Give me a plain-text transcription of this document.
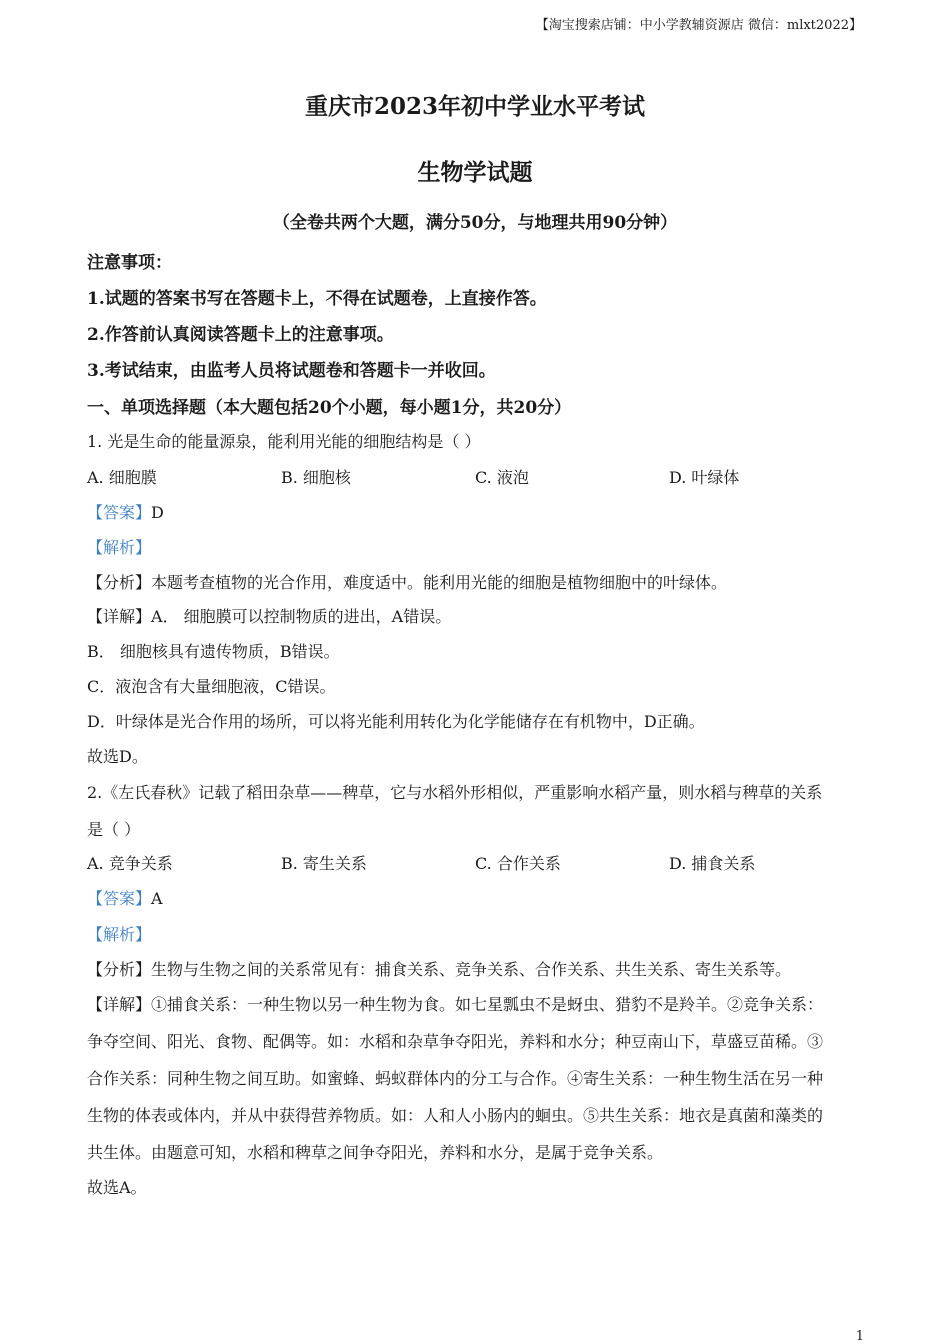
【淘宝搜索店铺：中小学教辅资源店 微信：mlxt2022】
重庆市2023年初中学业水平考试
生物学试题
（全卷共两个大题，满分50分，与地理共用90分钟）
注意事项：
1.试题的答案书写在答题卡上，不得在试题卷，上直接作答。
2.作答前认真阅读答题卡上的注意事项。
3.考试结束，由监考人员将试题卷和答题卡一并收回。
一、单项选择题（本大题包括20个小题，每小题1分，共20分）
1. 光是生命的能量源泉，能利用光能的细胞结构是（ ）
A. 细胞膜	B. 细胞核	C. 液泡	D. 叶绿体
【答案】D
【解析】
【分析】本题考查植物的光合作用，难度适中。能利用光能的细胞是植物细胞中的叶绿体。
【详解】A． 细胞膜可以控制物质的进出，A错误。
B． 细胞核具有遗传物质，B错误。
C．液泡含有大量细胞液，C错误。
D．叶绿体是光合作用的场所，可以将光能利用转化为化学能储存在有机物中，D正确。
故选D。
2.《左氏春秋》记载了稻田杂草——稗草，它与水稻外形相似，严重影响水稻产量，则水稻与稗草的关系
是（ ）
A. 竞争关系	B. 寄生关系	C. 合作关系	D. 捕食关系
【答案】A
【解析】
【分析】生物与生物之间的关系常见有：捕食关系、竞争关系、合作关系、共生关系、寄生关系等。
【详解】①捕食关系：一种生物以另一种生物为食。如七星瓢虫不是蚜虫、猎豹不是羚羊。②竞争关系：
争夺空间、阳光、食物、配偶等。如：水稻和杂草争夺阳光，养料和水分；种豆南山下，草盛豆苗稀。③
合作关系：同种生物之间互助。如蜜蜂、蚂蚁群体内的分工与合作。④寄生关系：一种生物生活在另一种
生物的体表或体内，并从中获得营养物质。如：人和人小肠内的蛔虫。⑤共生关系：地衣是真菌和藻类的
共生体。由题意可知，水稻和稗草之间争夺阳光，养料和水分，是属于竞争关系。
故选A。
1
